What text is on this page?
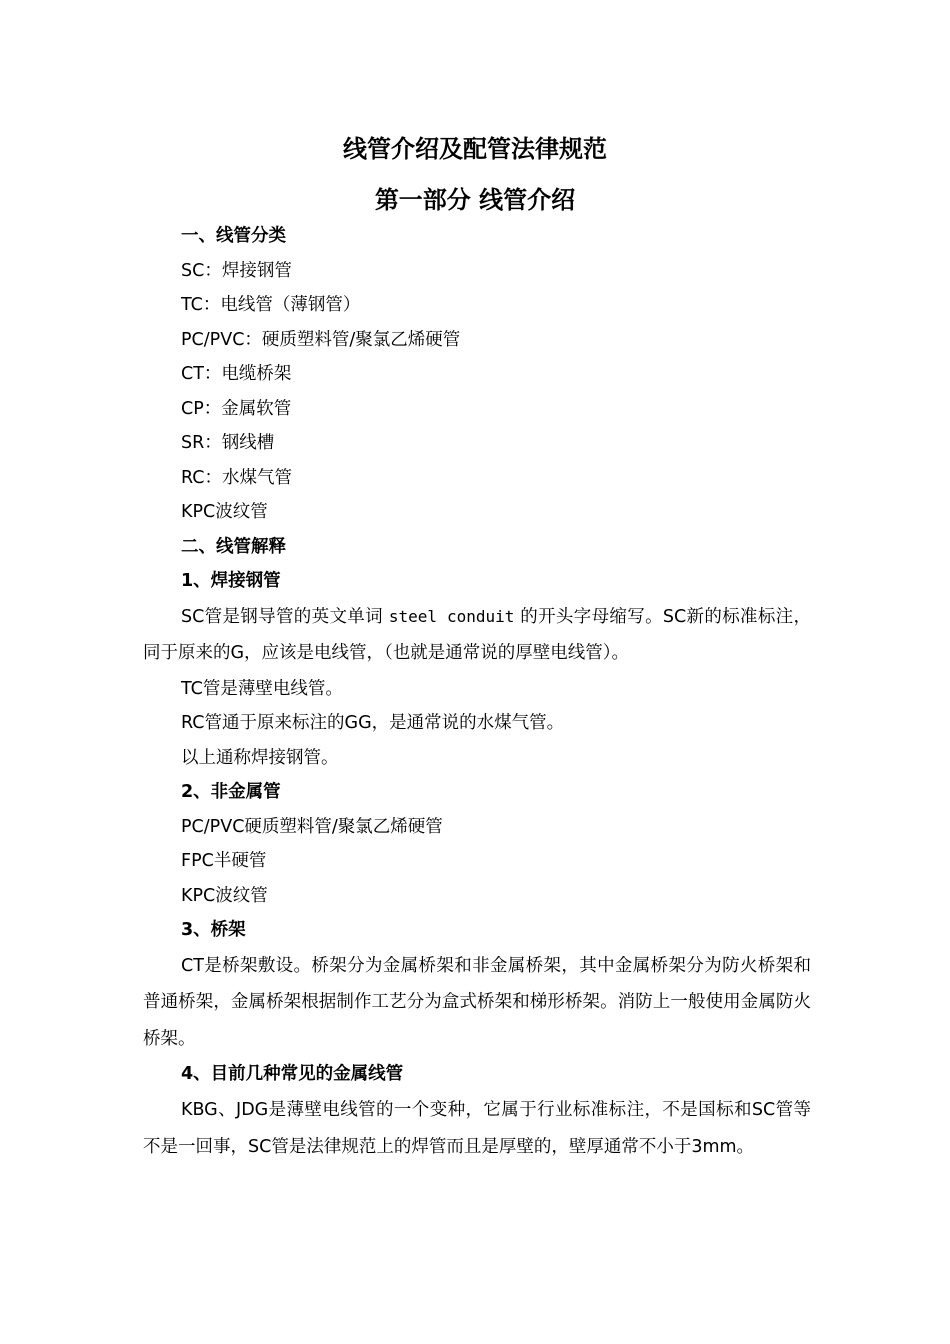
线管介绍及配管法律规范
第一部分 线管介绍

一、线管分类

SC：焊接钢管

TC：电线管（薄钢管）

PC/PVC：硬质塑料管/聚氯乙烯硬管

CT：电缆桥架

CP：金属软管

SR：钢线槽

RC：水煤气管

KPC波纹管

二、线管解释

1、焊接钢管

SC管是钢导管的英文单词 steel conduit 的开头字母缩写。SC新的标准标注，同于原来的G，应该是电线管，（也就是通常说的厚壁电线管）。

TC管是薄壁电线管。

RC管通于原来标注的GG，是通常说的水煤气管。

以上通称焊接钢管。

2、非金属管

PC/PVC硬质塑料管/聚氯乙烯硬管

FPC半硬管

KPC波纹管

3、桥架

CT是桥架敷设。桥架分为金属桥架和非金属桥架，其中金属桥架分为防火桥架和普通桥架，金属桥架根据制作工艺分为盒式桥架和梯形桥架。消防上一般使用金属防火桥架。

4、目前几种常见的金属线管

KBG、JDG是薄壁电线管的一个变种，它属于行业标准标注，不是国标和SC管等不是一回事，SC管是法律规范上的焊管而且是厚壁的，壁厚通常不小于3mm。
